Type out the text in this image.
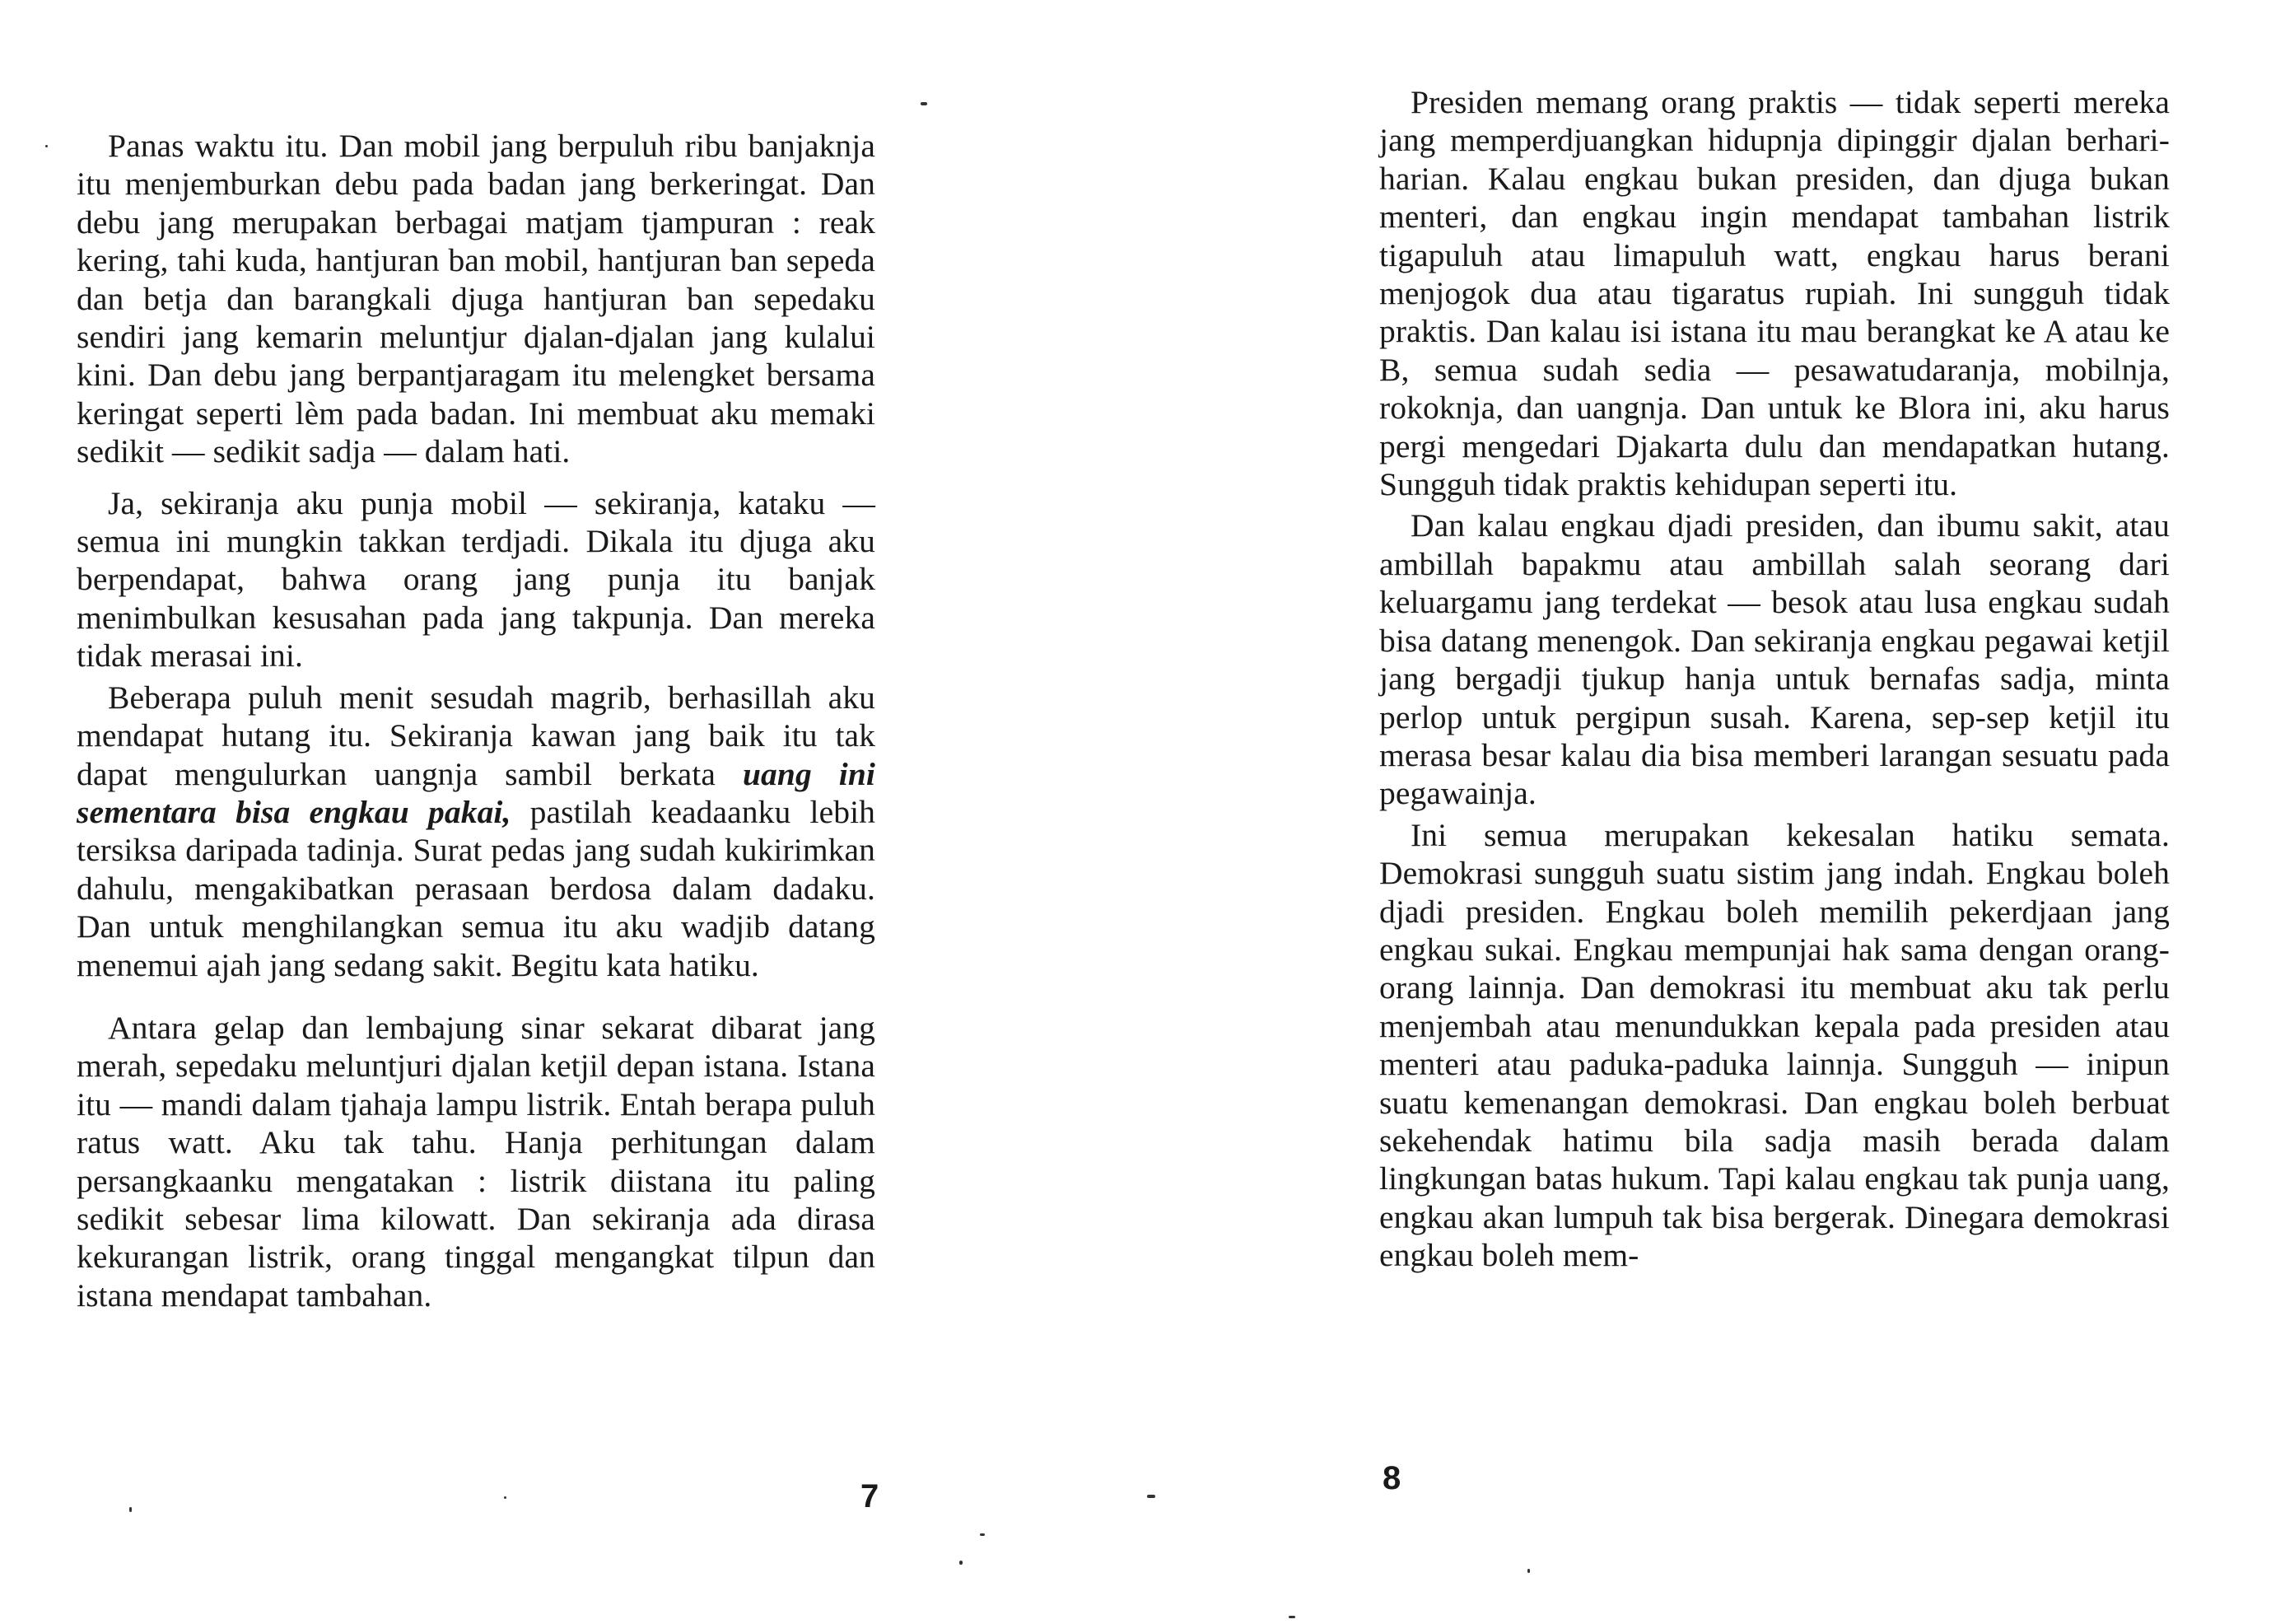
Panas waktu itu. Dan mobil jang berpuluh ribu banjaknja itu menjemburkan debu pada badan jang berkeringat. Dan debu jang merupakan berbagai matjam tjampuran : reak kering, tahi kuda, hantjuran ban mobil, hantjuran ban sepeda dan betja dan barangkali djuga hantjuran ban sepedaku sendiri jang kemarin meluntjur djalan-djalan jang kulalui kini. Dan debu jang berpantjaragam itu melengket bersama keringat seperti lèm pada badan. Ini membuat aku memaki sedikit — sedikit sadja — dalam hati.

Ja, sekiranja aku punja mobil — sekiranja, kataku — semua ini mungkin takkan terdjadi. Dikala itu djuga aku berpendapat, bahwa orang jang punja itu banjak menimbulkan kesusahan pada jang takpunja. Dan mereka tidak merasai ini.

Beberapa puluh menit sesudah magrib, berhasillah aku mendapat hutang itu. Sekiranja kawan jang baik itu tak dapat mengulurkan uangnja sambil berkata uang ini sementara bisa engkau pakai, pastilah keadaanku lebih tersiksa daripada tadinja. Surat pedas jang sudah kukirimkan dahulu, mengakibatkan perasaan berdosa dalam dadaku. Dan untuk menghilangkan semua itu aku wadjib datang menemui ajah jang sedang sakit. Begitu kata hatiku.

Antara gelap dan lembajung sinar sekarat dibarat jang merah, sepedaku meluntjuri djalan ketjil depan istana. Istana itu — mandi dalam tjahaja lampu listrik. Entah berapa puluh ratus watt. Aku tak tahu. Hanja perhitungan dalam persangkaanku mengatakan : listrik diistana itu paling sedikit sebesar lima kilowatt. Dan sekiranja ada dirasa kekurangan listrik, orang tinggal mengangkat tilpun dan istana mendapat tambahan.

7

Presiden memang orang praktis — tidak seperti mereka jang memperdjuangkan hidupnja dipinggir djalan berhari-harian. Kalau engkau bukan presiden, dan djuga bukan menteri, dan engkau ingin mendapat tambahan listrik tigapuluh atau limapuluh watt, engkau harus berani menjogok dua atau tigaratus rupiah. Ini sungguh tidak praktis. Dan kalau isi istana itu mau berangkat ke A atau ke B, semua sudah sedia — pesawatudaranja, mobilnja, rokoknja, dan uangnja. Dan untuk ke Blora ini, aku harus pergi mengedari Djakarta dulu dan mendapatkan hutang. Sungguh tidak praktis kehidupan seperti itu.

Dan kalau engkau djadi presiden, dan ibumu sakit, atau ambillah bapakmu atau ambillah salah seorang dari keluargamu jang terdekat — besok atau lusa engkau sudah bisa datang menengok. Dan sekiranja engkau pegawai ketjil jang bergadji tjukup hanja untuk bernafas sadja, minta perlop untuk pergipun susah. Karena, sep-sep ketjil itu merasa besar kalau dia bisa memberi larangan sesuatu pada pegawainja.

Ini semua merupakan kekesalan hatiku semata. Demokrasi sungguh suatu sistim jang indah. Engkau boleh djadi presiden. Engkau boleh memilih pekerdjaan jang engkau sukai. Engkau mempunjai hak sama dengan orang-orang lainnja. Dan demokrasi itu membuat aku tak perlu menjembah atau menundukkan kepala pada presiden atau menteri atau paduka-paduka lainnja. Sungguh — inipun suatu kemenangan demokrasi. Dan engkau boleh berbuat sekehendak hatimu bila sadja masih berada dalam lingkungan batas hukum. Tapi kalau engkau tak punja uang, engkau akan lumpuh tak bisa bergerak. Dinegara demokrasi engkau boleh mem-

8
